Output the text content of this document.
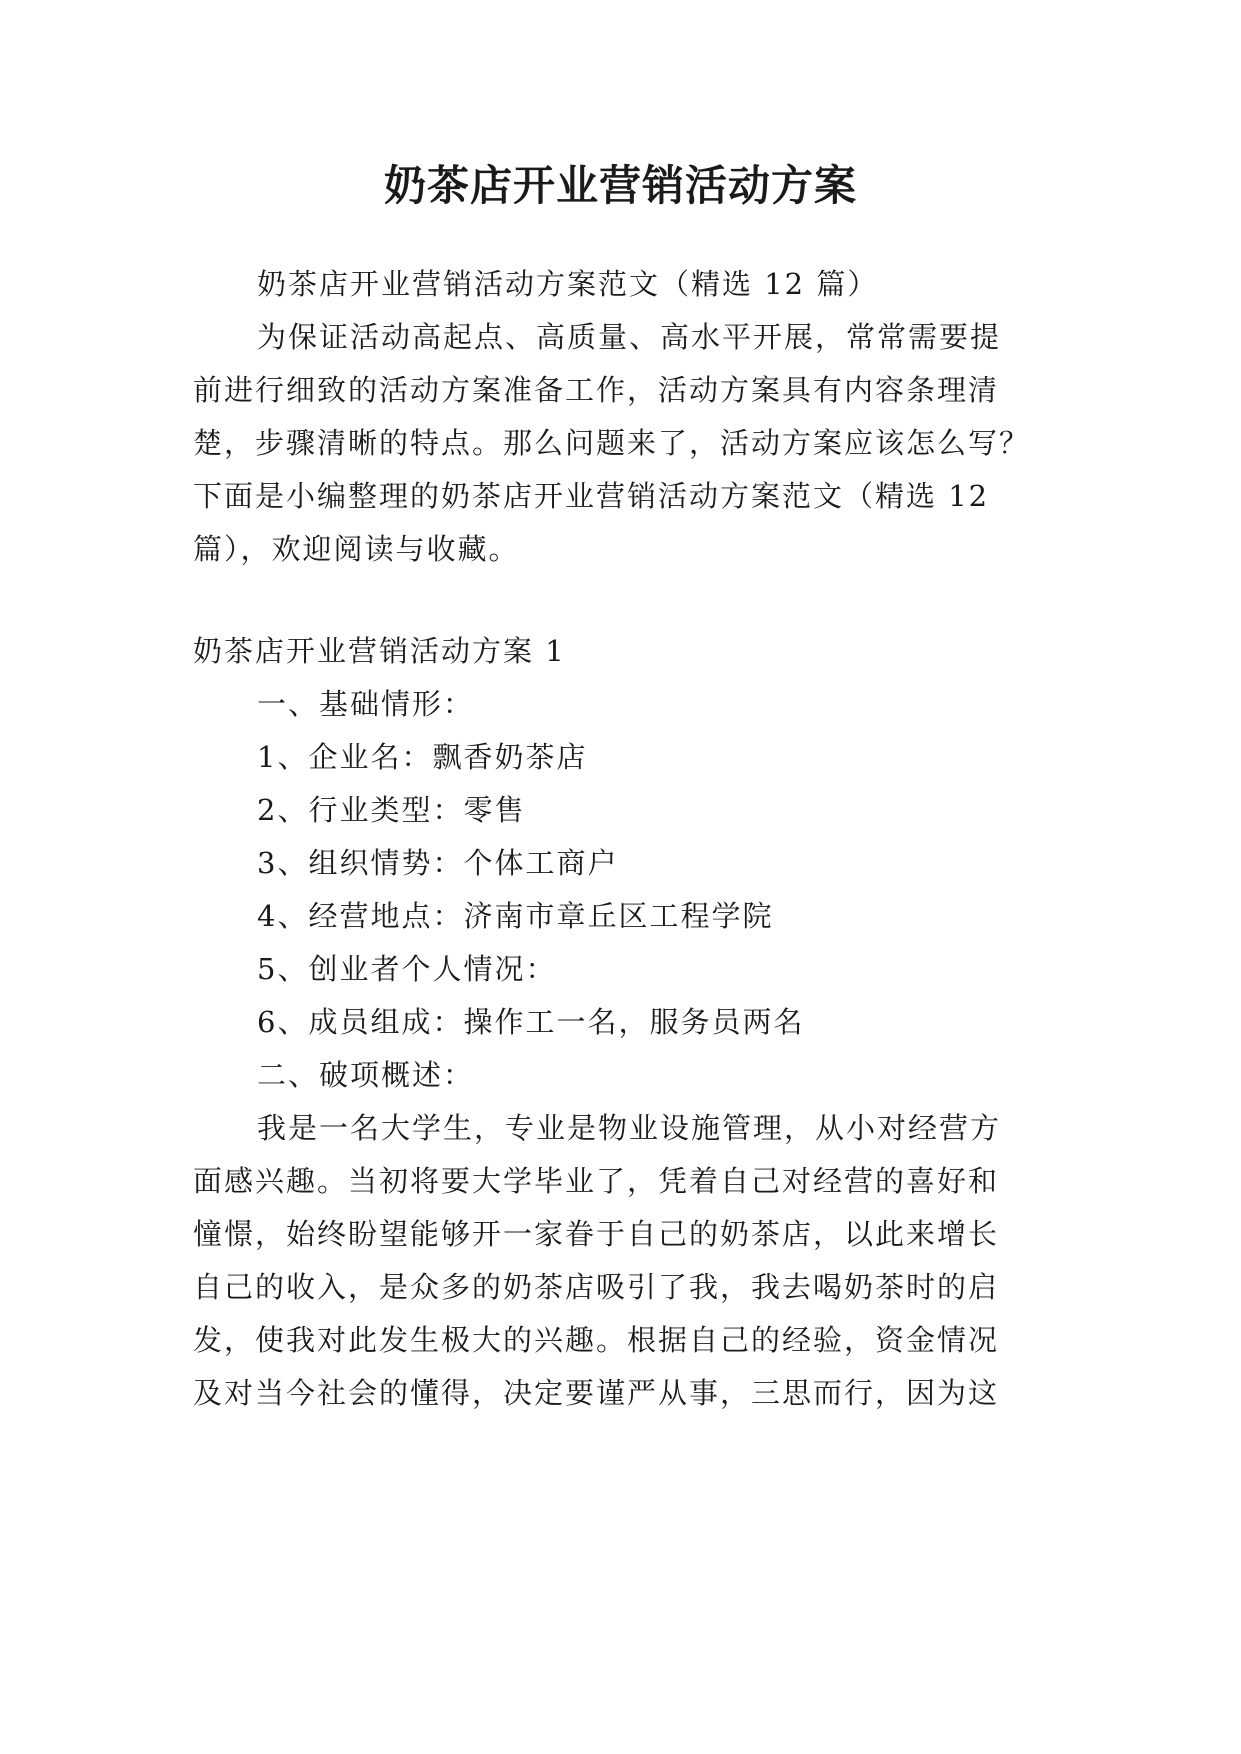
奶茶店开业营销活动方案
奶茶店开业营销活动方案范文（精选 12 篇）
为保证活动高起点、高质量、高水平开展，常常需要提
前进行细致的活动方案准备工作，活动方案具有内容条理清
楚，步骤清晰的特点。那么问题来了，活动方案应该怎么写？
下面是小编整理的奶茶店开业营销活动方案范文（精选 12
篇），欢迎阅读与收藏。
奶茶店开业营销活动方案 1
一、基础情形：
1、企业名：飘香奶茶店
2、行业类型：零售
3、组织情势：个体工商户
4、经营地点：济南市章丘区工程学院
5、创业者个人情况：
6、成员组成：操作工一名，服务员两名
二、破项概述：
我是一名大学生，专业是物业设施管理，从小对经营方
面感兴趣。当初将要大学毕业了，凭着自己对经营的喜好和
憧憬，始终盼望能够开一家眷于自己的奶茶店，以此来增长
自己的收入，是众多的奶茶店吸引了我，我去喝奶茶时的启
发，使我对此发生极大的兴趣。根据自己的经验，资金情况
及对当今社会的懂得，决定要谨严从事，三思而行，因为这
